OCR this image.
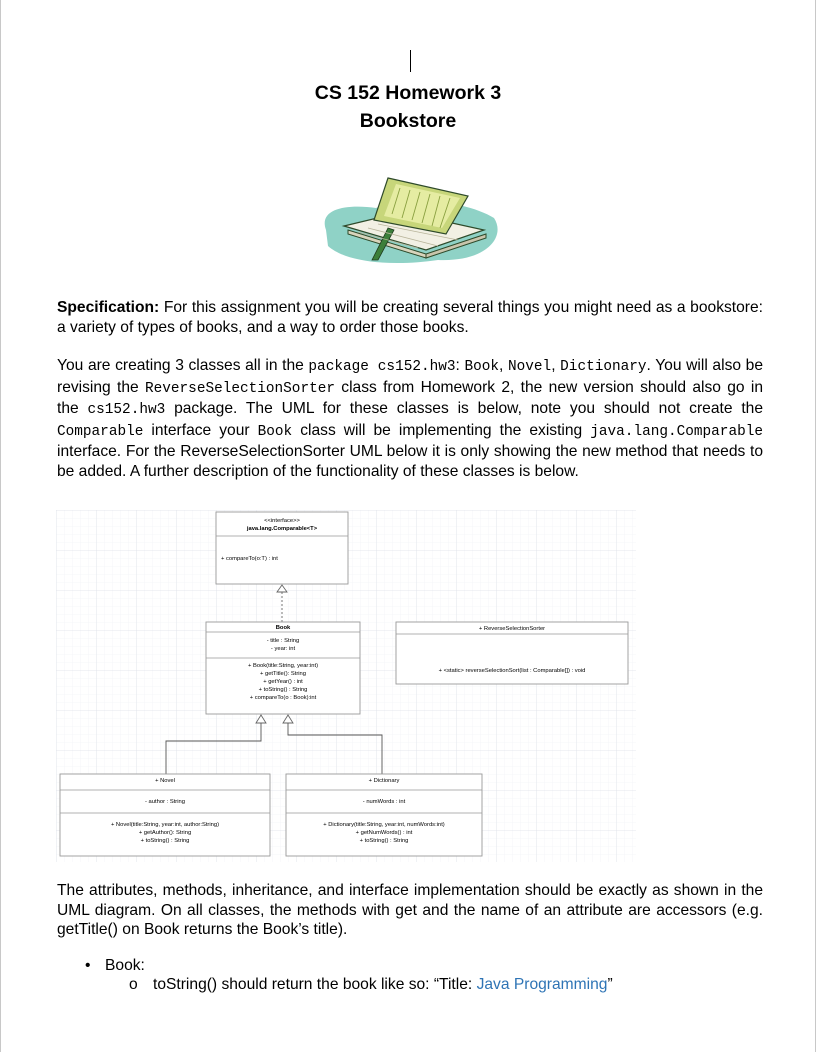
CS 152 Homework 3
Bookstore
Specification: For this assignment you will be creating several things you might need as a bookstore: a variety of types of books, and a way to order those books.
You are creating 3 classes all in the package cs152.hw3: Book, Novel, Dictionary. You will also be revising the ReverseSelectionSorter class from Homework 2, the new version should also go in the cs152.hw3 package. The UML for these classes is below, note you should not create the Comparable interface your Book class will be implementing the existing java.lang.Comparable interface. For the ReverseSelectionSorter UML below it is only showing the new method that needs to be added. A further description of the functionality of these classes is below.
<<interface>>
java.lang.Comparable<T>
+ compareTo(o:T) : int
Book
- title : String
- year: int
+ Book(title:String, year:int)
+ getTitle(): String
+ getYear() : int
+ toString() : String
+ compareTo(o : Book):int
+ ReverseSelectionSorter
+ <static> reverseSelectionSort(list : Comparable[]) : void
+ Novel
- author : String
+ Novel(title:String, year:int, author:String)
+ getAuthor(): String
+ toString() : String
+ Dictionary
- numWords : int
+ Dictionary(title:String, year:int, numWords:int)
+ getNumWords() : int
+ toString() : String
The attributes, methods, inheritance, and interface implementation should be exactly as shown in the UML diagram. On all classes, the methods with get and the name of an attribute are accessors (e.g. getTitle() on Book returns the Book’s title).
• Book:
o toString() should return the book like so: “Title: Java Programming”
